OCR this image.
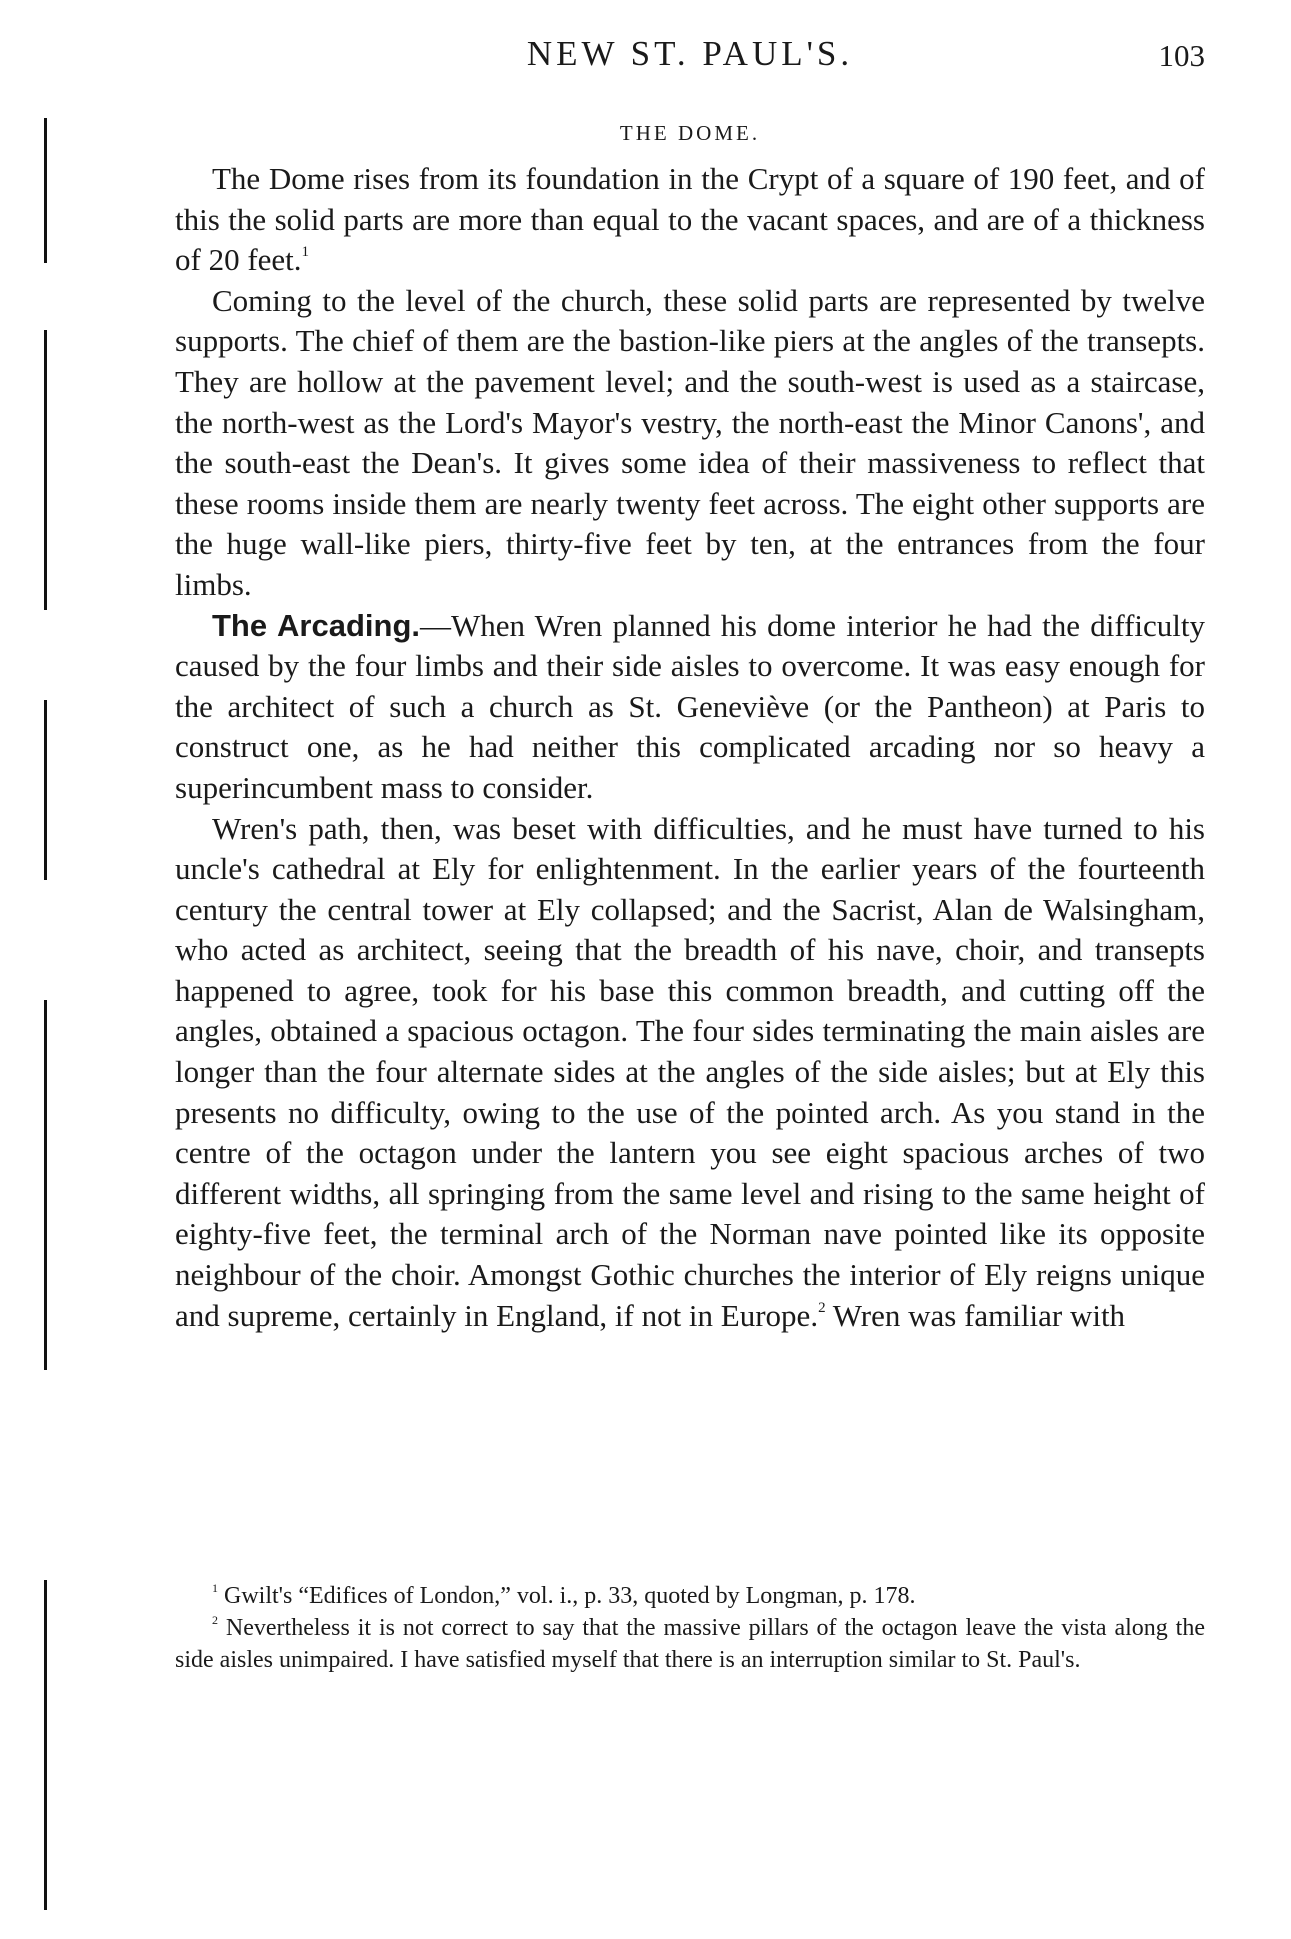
NEW ST. PAUL'S.	103
THE DOME.

The Dome rises from its foundation in the Crypt of a square of 190 feet, and of this the solid parts are more than equal to the vacant spaces, and are of a thickness of 20 feet.$^1$

Coming to the level of the church, these solid parts are represented by twelve supports. The chief of them are the bastion-like piers at the angles of the transepts. They are hollow at the pavement level; and the south-west is used as a staircase, the north-west as the Lord's Mayor's vestry, the north-east the Minor Canons', and the south-east the Dean's. It gives some idea of their massiveness to reflect that these rooms inside them are nearly twenty feet across. The eight other supports are the huge wall-like piers, thirty-five feet by ten, at the entrances from the four limbs.

The Arcading.—When Wren planned his dome interior he had the difficulty caused by the four limbs and their side aisles to overcome. It was easy enough for the architect of such a church as St. Geneviève (or the Pantheon) at Paris to construct one, as he had neither this complicated arcading nor so heavy a superincumbent mass to consider.

Wren's path, then, was beset with difficulties, and he must have turned to his uncle's cathedral at Ely for enlightenment. In the earlier years of the fourteenth century the central tower at Ely collapsed; and the Sacrist, Alan de Walsingham, who acted as architect, seeing that the breadth of his nave, choir, and transepts happened to agree, took for his base this common breadth, and cutting off the angles, obtained a spacious octagon. The four sides terminating the main aisles are longer than the four alternate sides at the angles of the side aisles; but at Ely this presents no difficulty, owing to the use of the pointed arch. As you stand in the centre of the octagon under the lantern you see eight spacious arches of two different widths, all springing from the same level and rising to the same height of eighty-five feet, the terminal arch of the Norman nave pointed like its opposite neighbour of the choir. Amongst Gothic churches the interior of Ely reigns unique and supreme, certainly in England, if not in Europe.$^2$ Wren was familiar with

$^1$ Gwilt's “Edifices of London,” vol. i., p. 33, quoted by Longman, p. 178.

$^2$ Nevertheless it is not correct to say that the massive pillars of the octagon leave the vista along the side aisles unimpaired. I have satisfied myself that there is an interruption similar to St. Paul's.
